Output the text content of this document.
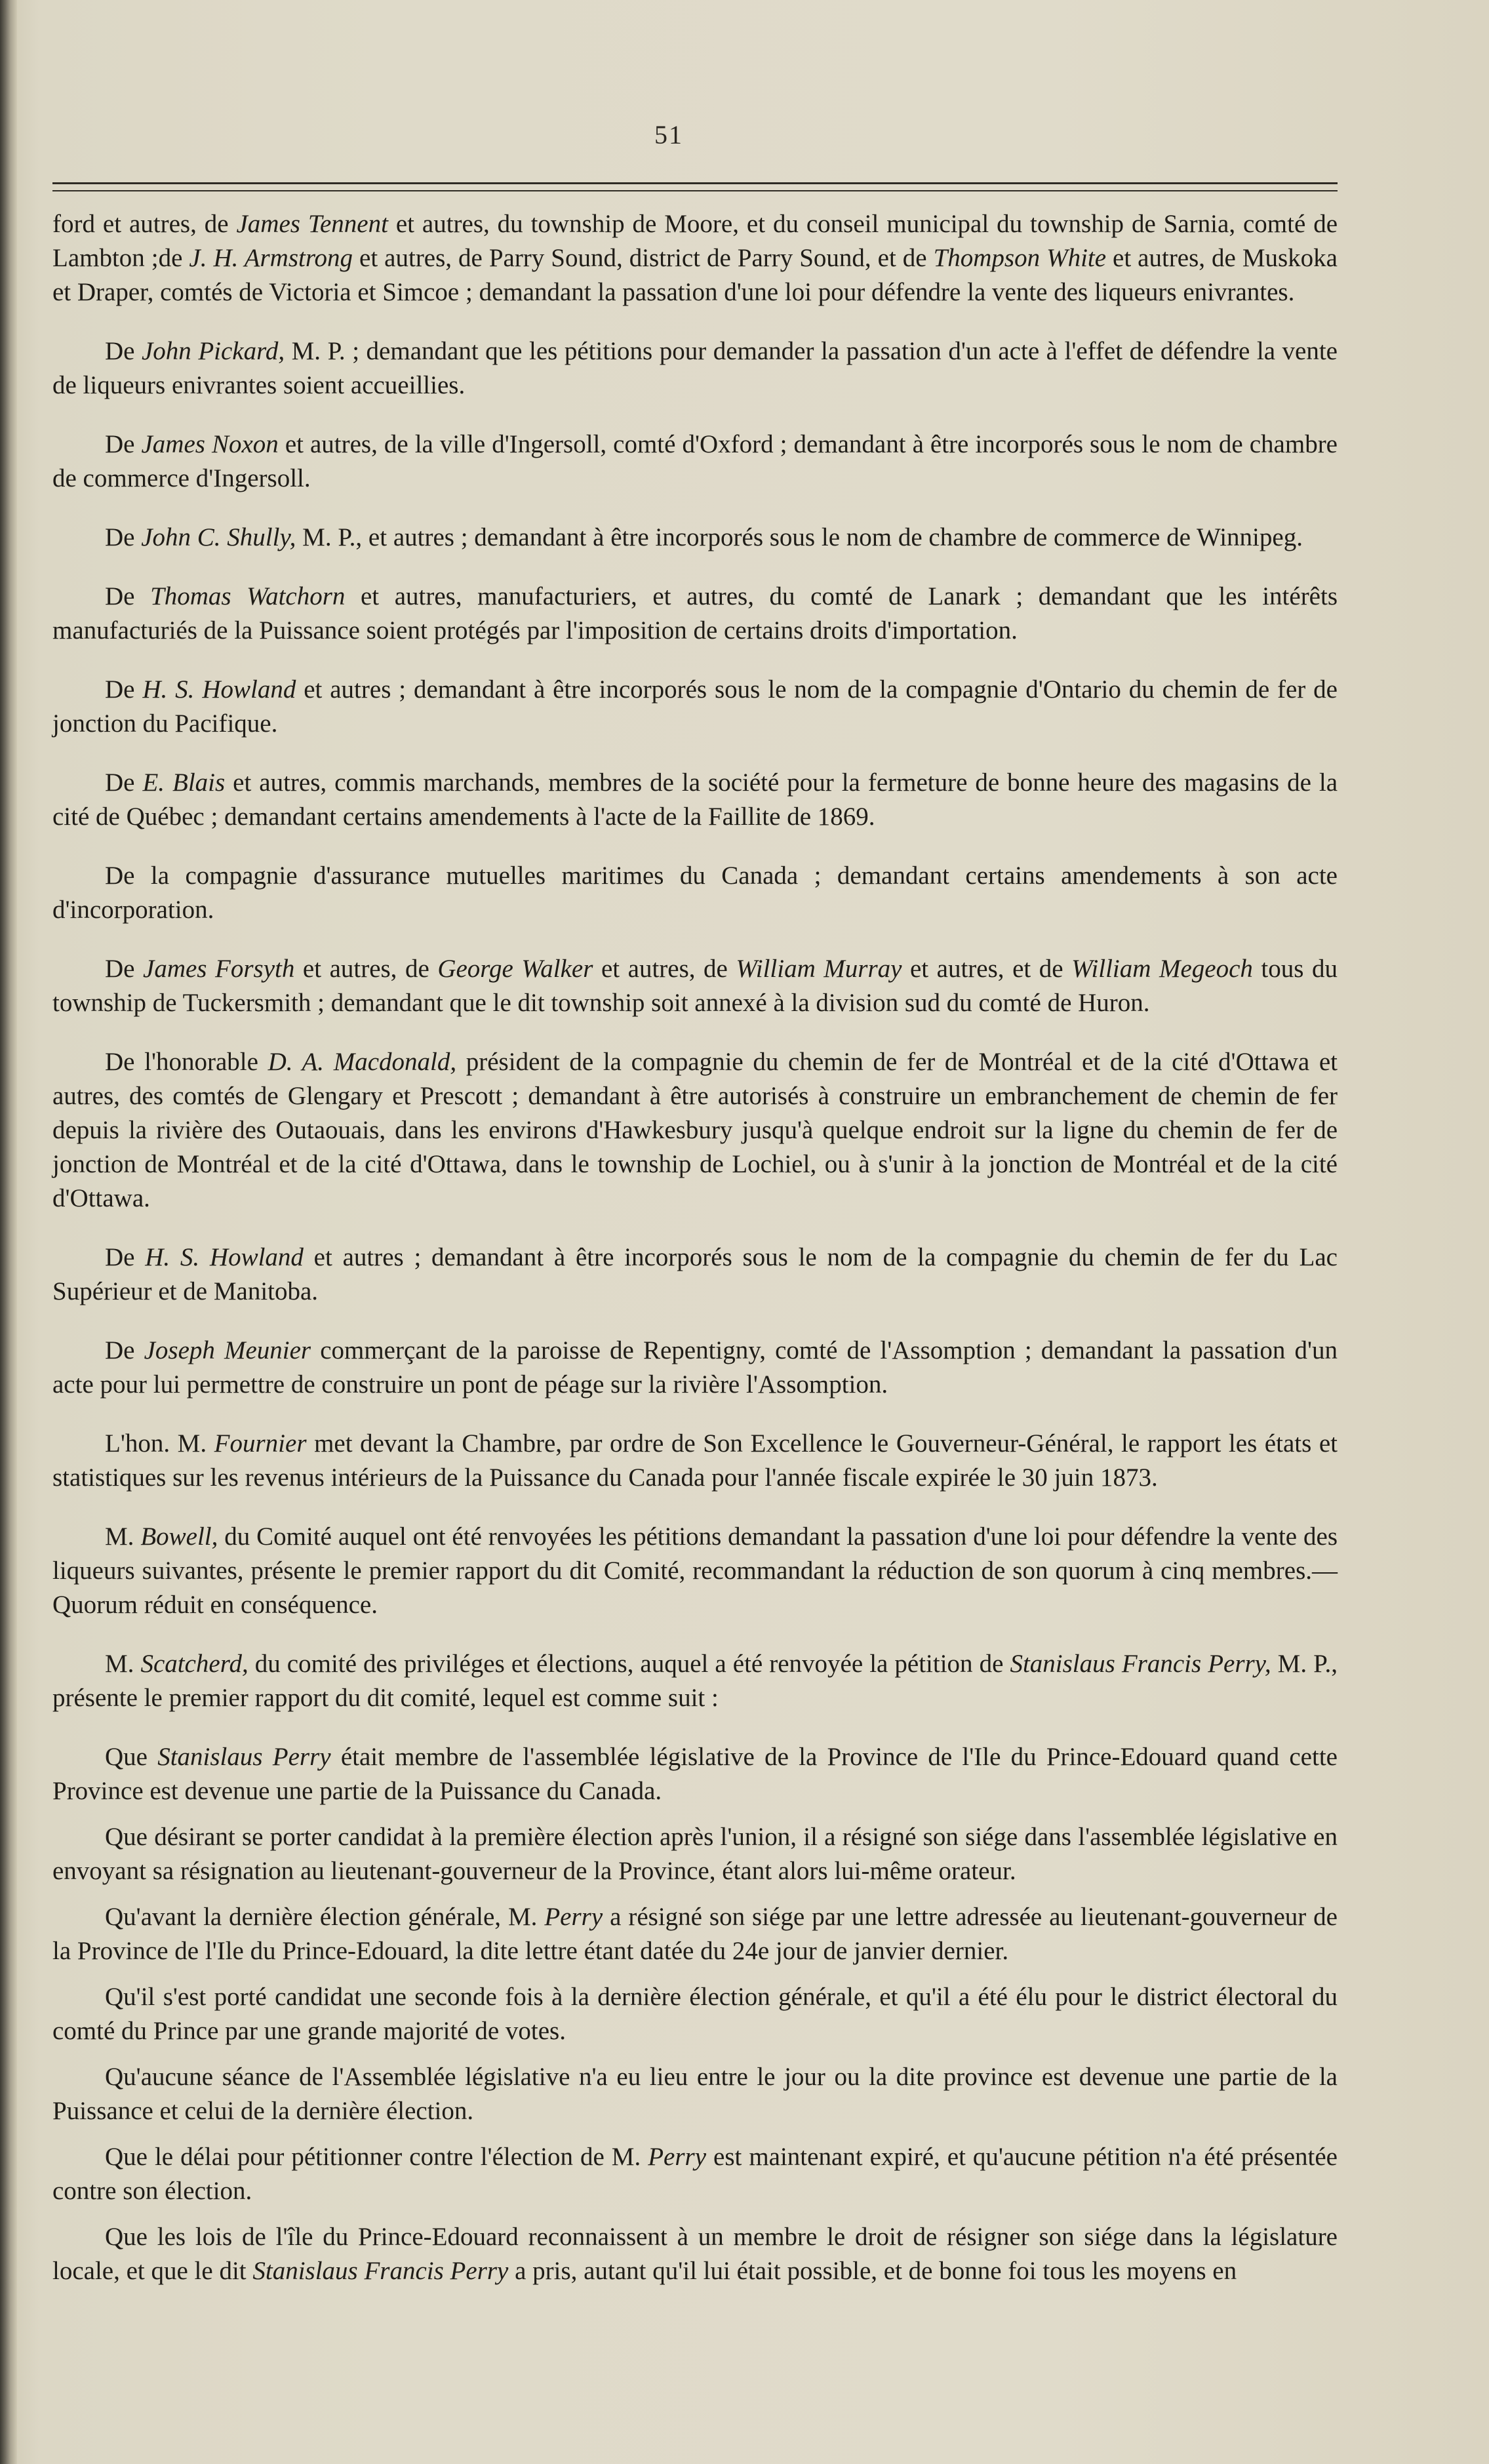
51

ford et autres, de James Tennent et autres, du township de Moore, et du conseil municipal du township de Sarnia, comté de Lambton ;de J. H. Armstrong et autres, de Parry Sound, district de Parry Sound, et de Thompson White et autres, de Muskoka et Draper, comtés de Victoria et Simcoe ; demandant la passation d'une loi pour défendre la vente des liqueurs enivrantes.

De John Pickard, M. P. ; demandant que les pétitions pour demander la passation d'un acte à l'effet de défendre la vente de liqueurs enivrantes soient accueillies.

De James Noxon et autres, de la ville d'Ingersoll, comté d'Oxford ; demandant à être incorporés sous le nom de chambre de commerce d'Ingersoll.

De John C. Shully, M. P., et autres ; demandant à être incorporés sous le nom de chambre de commerce de Winnipeg.

De Thomas Watchorn et autres, manufacturiers, et autres, du comté de Lanark ; demandant que les intérêts manufacturiés de la Puissance soient protégés par l'imposition de certains droits d'importation.

De H. S. Howland et autres ; demandant à être incorporés sous le nom de la compagnie d'Ontario du chemin de fer de jonction du Pacifique.

De E. Blais et autres, commis marchands, membres de la société pour la fermeture de bonne heure des magasins de la cité de Québec ; demandant certains amendements à l'acte de la Faillite de 1869.

De la compagnie d'assurance mutuelles maritimes du Canada ; demandant certains amendements à son acte d'incorporation.

De James Forsyth et autres, de George Walker et autres, de William Murray et autres, et de William Megeoch tous du township de Tuckersmith ; demandant que le dit township soit annexé à la division sud du comté de Huron.

De l'honorable D. A. Macdonald, président de la compagnie du chemin de fer de Montréal et de la cité d'Ottawa et autres, des comtés de Glengary et Prescott ; demandant à être autorisés à construire un embranchement de chemin de fer depuis la rivière des Outaouais, dans les environs d'Hawkesbury jusqu'à quelque endroit sur la ligne du chemin de fer de jonction de Montréal et de la cité d'Ottawa, dans le township de Lochiel, ou à s'unir à la jonction de Montréal et de la cité d'Ottawa.

De H. S. Howland et autres ; demandant à être incorporés sous le nom de la compagnie du chemin de fer du Lac Supérieur et de Manitoba.

De Joseph Meunier commerçant de la paroisse de Repentigny, comté de l'Assomption ; demandant la passation d'un acte pour lui permettre de construire un pont de péage sur la rivière l'Assomption.

L'hon. M. Fournier met devant la Chambre, par ordre de Son Excellence le Gouverneur-Général, le rapport les états et statistiques sur les revenus intérieurs de la Puissance du Canada pour l'année fiscale expirée le 30 juin 1873.

M. Bowell, du Comité auquel ont été renvoyées les pétitions demandant la passation d'une loi pour défendre la vente des liqueurs suivantes, présente le premier rapport du dit Comité, recommandant la réduction de son quorum à cinq membres.—Quorum réduit en conséquence.

M. Scatcherd, du comité des priviléges et élections, auquel a été renvoyée la pétition de Stanislaus Francis Perry, M. P., présente le premier rapport du dit comité, lequel est comme suit :

Que Stanislaus Perry était membre de l'assemblée législative de la Province de l'Ile du Prince-Edouard quand cette Province est devenue une partie de la Puissance du Canada.

Que désirant se porter candidat à la première élection après l'union, il a résigné son siége dans l'assemblée législative en envoyant sa résignation au lieutenant-gouverneur de la Province, étant alors lui-même orateur.

Qu'avant la dernière élection générale, M. Perry a résigné son siége par une lettre adressée au lieutenant-gouverneur de la Province de l'Ile du Prince-Edouard, la dite lettre étant datée du 24e jour de janvier dernier.

Qu'il s'est porté candidat une seconde fois à la dernière élection générale, et qu'il a été élu pour le district électoral du comté du Prince par une grande majorité de votes.

Qu'aucune séance de l'Assemblée législative n'a eu lieu entre le jour ou la dite province est devenue une partie de la Puissance et celui de la dernière élection.

Que le délai pour pétitionner contre l'élection de M. Perry est maintenant expiré, et qu'aucune pétition n'a été présentée contre son élection.

Que les lois de l'île du Prince-Edouard reconnaissent à un membre le droit de résigner son siége dans la législature locale, et que le dit Stanislaus Francis Perry a pris, autant qu'il lui était possible, et de bonne foi tous les moyens en
